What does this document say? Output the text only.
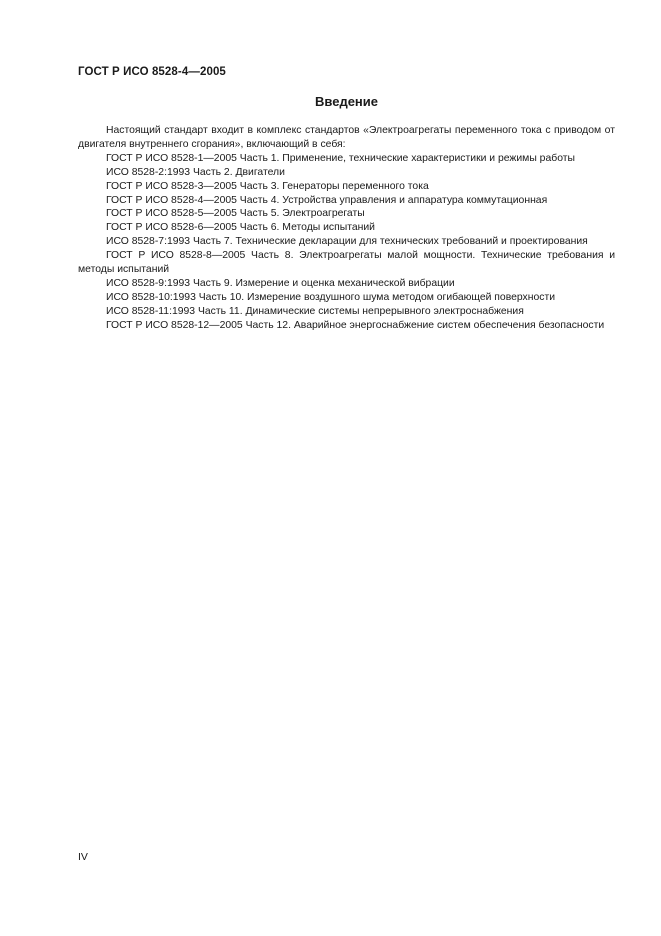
ГОСТ Р ИСО 8528-4—2005
Введение

Настоящий стандарт входит в комплекс стандартов «Электроагрегаты переменного тока с приводом от двигателя внутреннего сгорания», включающий в себя:

ГОСТ Р ИСО 8528-1—2005 Часть 1. Применение, технические характеристики и режимы работы
ИСО 8528-2:1993 Часть 2. Двигатели
ГОСТ Р ИСО 8528-3—2005 Часть 3. Генераторы переменного тока
ГОСТ Р ИСО 8528-4—2005 Часть 4. Устройства управления и аппаратура коммутационная
ГОСТ Р ИСО 8528-5—2005 Часть 5. Электроагрегаты
ГОСТ Р ИСО 8528-6—2005 Часть 6. Методы испытаний
ИСО 8528-7:1993 Часть 7. Технические декларации для технических требований и проектирования
ГОСТ Р ИСО 8528-8—2005 Часть 8. Электроагрегаты малой мощности. Технические требования и методы испытаний
ИСО 8528-9:1993 Часть 9. Измерение и оценка механической вибрации
ИСО 8528-10:1993 Часть 10. Измерение воздушного шума методом огибающей поверхности
ИСО 8528-11:1993 Часть 11. Динамические системы непрерывного электроснабжения
ГОСТ Р ИСО 8528-12—2005 Часть 12. Аварийное энергоснабжение систем обеспечения безопасности
IV
